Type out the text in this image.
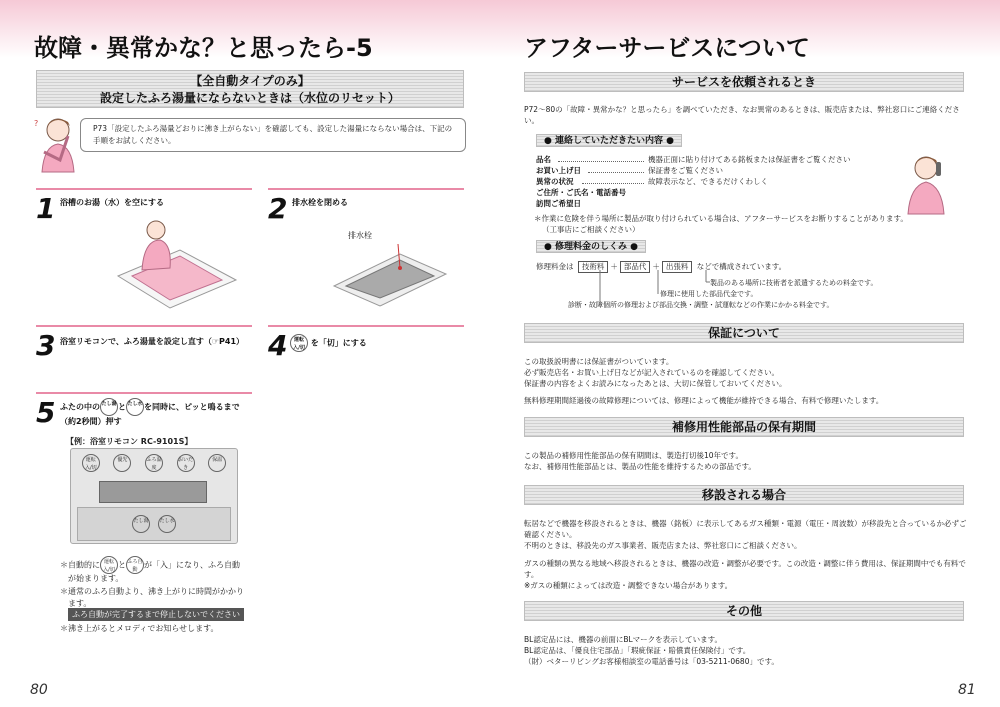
故障・異常かな？と思ったら-5
【全自動タイプのみ】
設定したふろ湯量にならないときは（水位のリセット）
?
P73「設定したふろ湯量どおりに沸き上がらない」を確認しても、設定した湯量にならない場合は、下記の手順をお試しください。
1 浴槽のお湯（水）を空にする	2 排水栓を閉める
排水栓
3 浴室リモコンで、ふろ湯量を設定し直す（☞P41） 4	運転入/切 を「切」にする
5 ふたの中のたし湯 とたし水 を同時に、ピッと鳴るまで
（約2秒間）押す
【例：浴室リモコン RC-9101S】
運転入/切
優先	ふろ温度
おいだき
保温
たし湯	たし水
＊自動的に 運転入/切とふろ自動が「入」になり、ふろ自動
が始まります。
＊通常のふろ自動より、沸き上がりに時間がかかり
ます。
ふろ自動が完了するまで停止しないでください
＊沸き上がるとメロディでお知らせします。
80
アフターサービスについて
サービスを依頼されるとき
P72～80の「故障・異常かな？と思ったら」を調べていただき、なお異常のあるときは、販売店または、弊社窓口にご連絡ください。
● 連絡していただきたい内容 ●
品名	機器正面に貼り付けてある銘板または保証書をご覧ください
お買い上げ日	保証書をご覧ください
異常の状況	故障表示など、できるだけくわしく
ご住所・ご氏名・電話番号
訪問ご希望日
＊作業に危険を伴う場所に製品が取り付けられている場合は、アフターサービスをお断りすることがあります。
（工事店にご相談ください）
● 修理料金のしくみ ●
修理料金は 技術料 ＋ 部品代 ＋ 出張料 などで構成されています。
製品のある場所に技術者を派遣するための料金です。
修理に使用した部品代金です。
診断・故障個所の修理および部品交換・調整・試運転などの作業にかかる料金です。
保証について
この取扱説明書には保証書がついています。
必ず販売店名・お買い上げ日などが記入されているのを確認してください。
保証書の内容をよくお読みになったあとは、大切に保管しておいてください。
無料修理期間経過後の故障修理については、修理によって機能が維持できる場合、有料で修理いたします。
補修用性能部品の保有期間
この製品の補修用性能部品の保有期間は、製造打切後10年です。
なお、補修用性能部品とは、製品の性能を維持するための部品です。
移設される場合
転居などで機器を移設されるときは、機器（銘板）に表示してあるガス種類・電源（電圧・周波数）が移設先と合っているか必ずご確認ください。
不明のときは、移設先のガス事業者、販売店または、弊社窓口にご相談ください。
ガスの種類の異なる地域へ移設されるときは、機器の改造・調整が必要です。この改造・調整に伴う費用は、保証期間中でも有料です。
※ガスの種類によっては改造・調整できない場合があります。
その他
BL認定品には、機器の前面にBLマークを表示しています。
BL認定品は、「優良住宅部品」「瑕疵保証・賠償責任保険付」です。
（財）ベターリビングお客様相談室の電話番号は「03-5211-0680」です。
81
